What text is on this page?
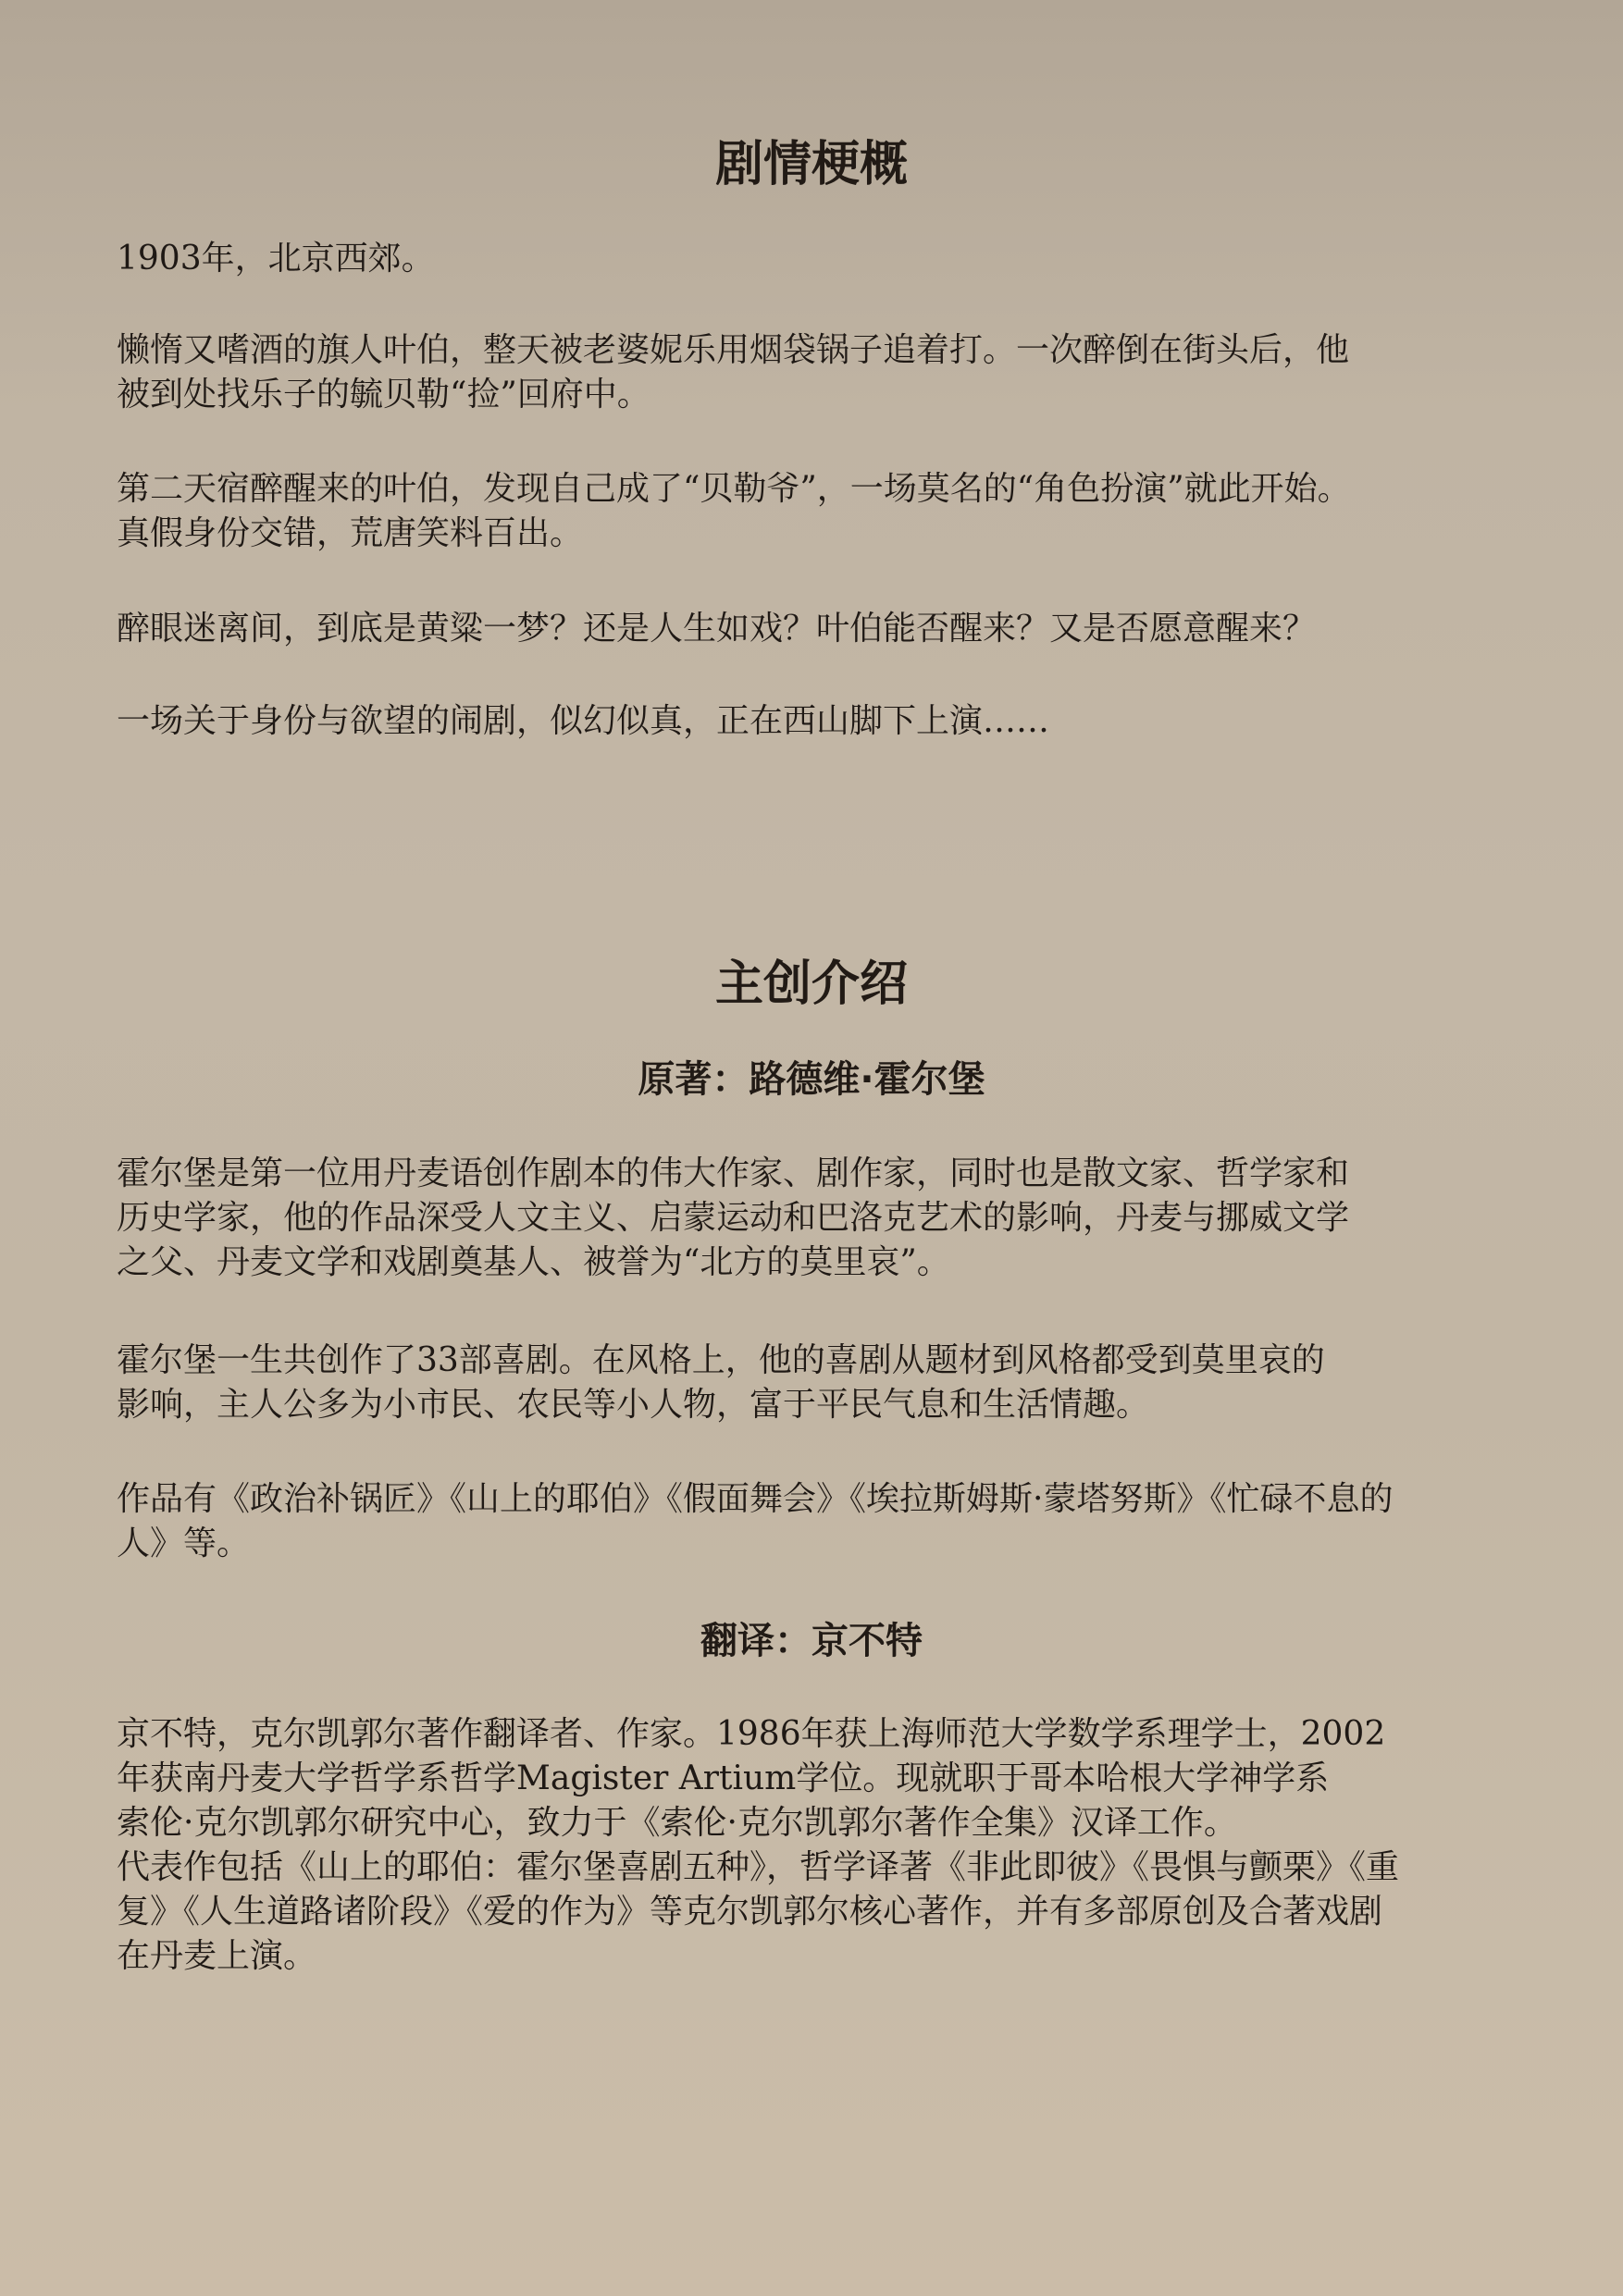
剧情梗概

1903年，北京西郊。

懒惰又嗜酒的旗人叶伯，整天被老婆妮乐用烟袋锅子追着打。一次醉倒在街头后，他
被到处找乐子的毓贝勒“捡”回府中。

第二天宿醉醒来的叶伯，发现自己成了“贝勒爷”，一场莫名的“角色扮演”就此开始。
真假身份交错，荒唐笑料百出。

醉眼迷离间，到底是黄粱一梦？还是人生如戏？叶伯能否醒来？又是否愿意醒来？

一场关于身份与欲望的闹剧，似幻似真，正在西山脚下上演……

主创介绍
原著：路德维·霍尔堡

霍尔堡是第一位用丹麦语创作剧本的伟大作家、剧作家，同时也是散文家、哲学家和
历史学家，他的作品深受人文主义、启蒙运动和巴洛克艺术的影响，丹麦与挪威文学
之父、丹麦文学和戏剧奠基人、被誉为“北方的莫里哀”。

霍尔堡一生共创作了33部喜剧。在风格上，他的喜剧从题材到风格都受到莫里哀的
影响，主人公多为小市民、农民等小人物，富于平民气息和生活情趣。

作品有《政治补锅匠》《山上的耶伯》《假面舞会》《埃拉斯姆斯·蒙塔努斯》《忙碌不息的
人》等。

翻译：京不特

京不特，克尔凯郭尔著作翻译者、作家。1986年获上海师范大学数学系理学士，2002
年获南丹麦大学哲学系哲学Magister Artium学位。现就职于哥本哈根大学神学系
索伦·克尔凯郭尔研究中心，致力于《索伦·克尔凯郭尔著作全集》汉译工作。
代表作包括《山上的耶伯：霍尔堡喜剧五种》，哲学译著《非此即彼》《畏惧与颤栗》《重
复》《人生道路诸阶段》《爱的作为》等克尔凯郭尔核心著作，并有多部原创及合著戏剧
在丹麦上演。
